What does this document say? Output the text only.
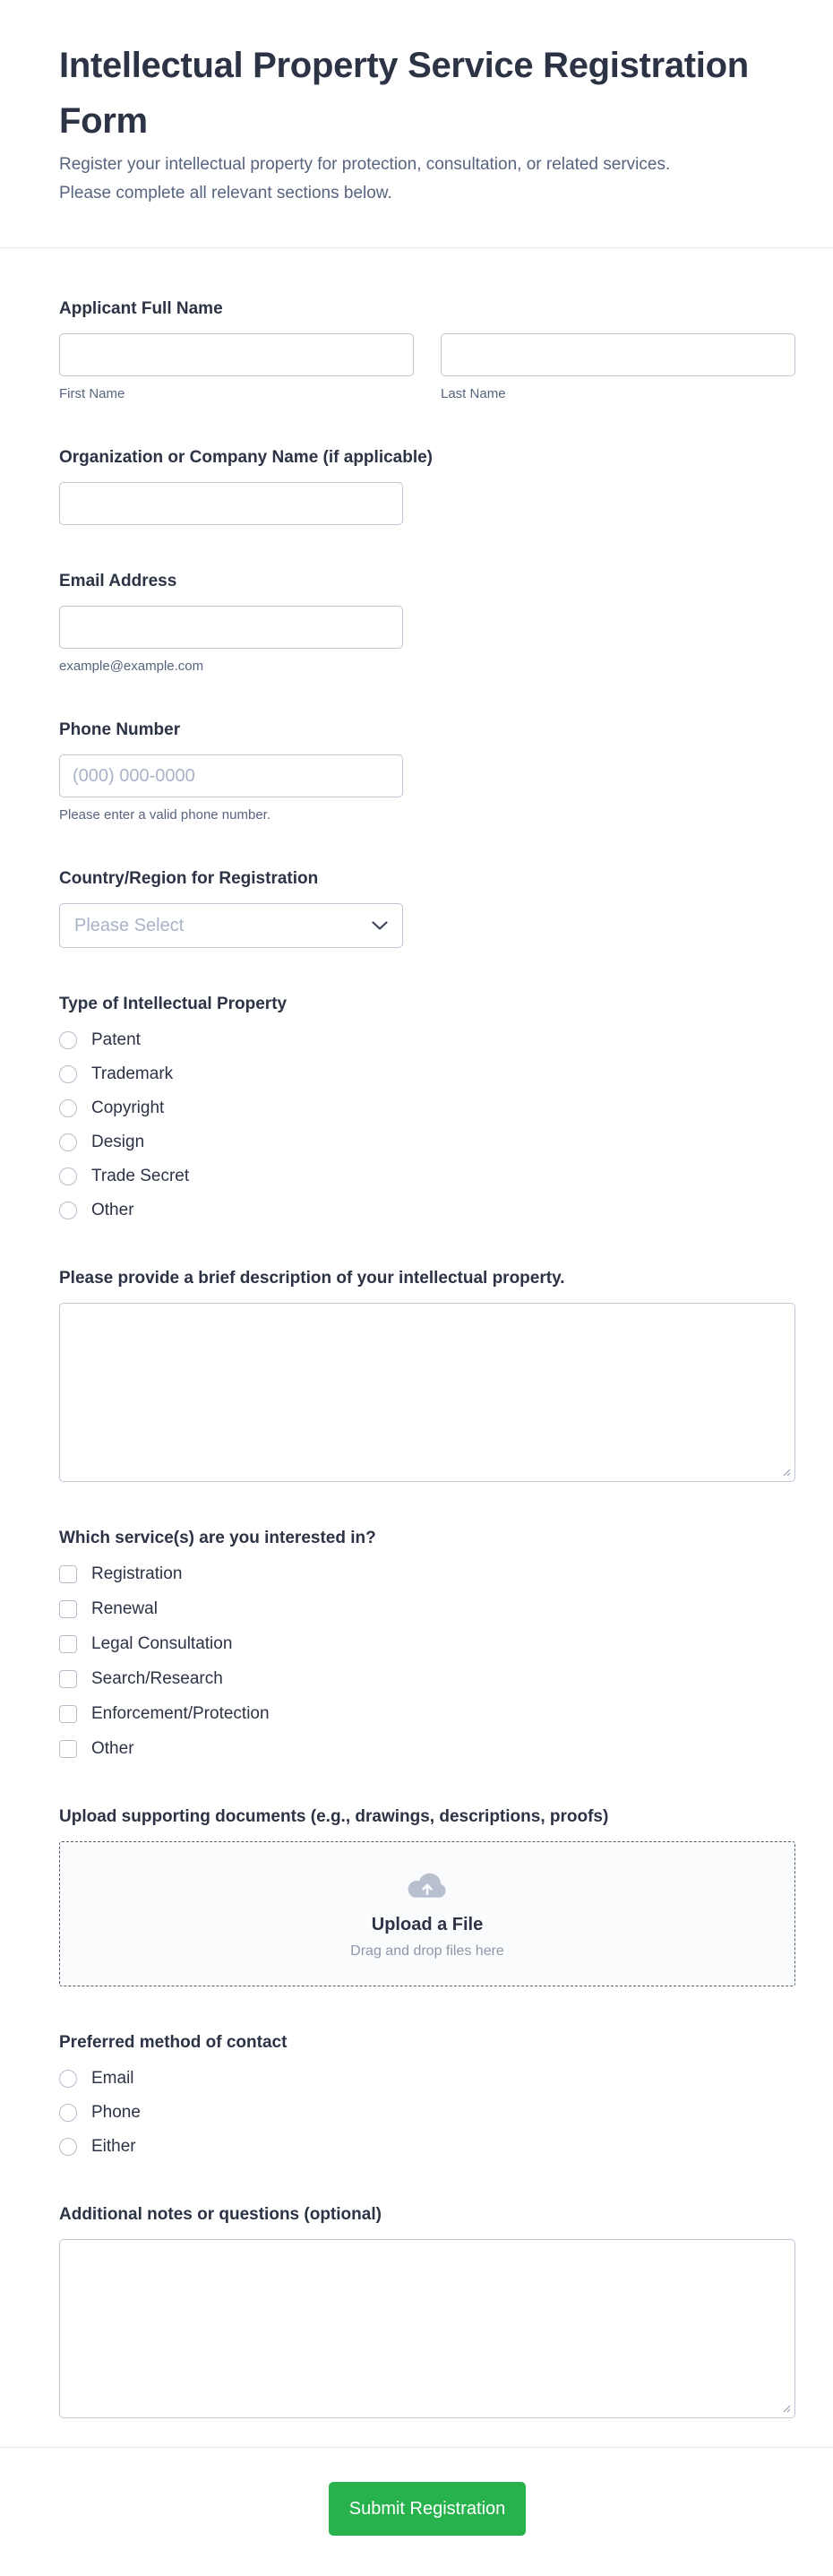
Intellectual Property Service Registration Form

Register your intellectual property for protection, consultation, or related services.
Please complete all relevant sections below.

Applicant Full Name
First Name	Last Name
Organization or Company Name (if applicable)
Email Address
example@example.com
Phone Number
(000) 000-0000
Please enter a valid phone number.
Country/Region for Registration
Please Select
Type of Intellectual Property
Patent
Trademark
Copyright
Design
Trade Secret
Other
Please provide a brief description of your intellectual property.
Which service(s) are you interested in?
Registration
Renewal
Legal Consultation
Search/Research
Enforcement/Protection
Other
Upload supporting documents (e.g., drawings, descriptions, proofs)
Upload a File
Drag and drop files here
Preferred method of contact
Email
Phone
Either
Additional notes or questions (optional)
Submit Registration
